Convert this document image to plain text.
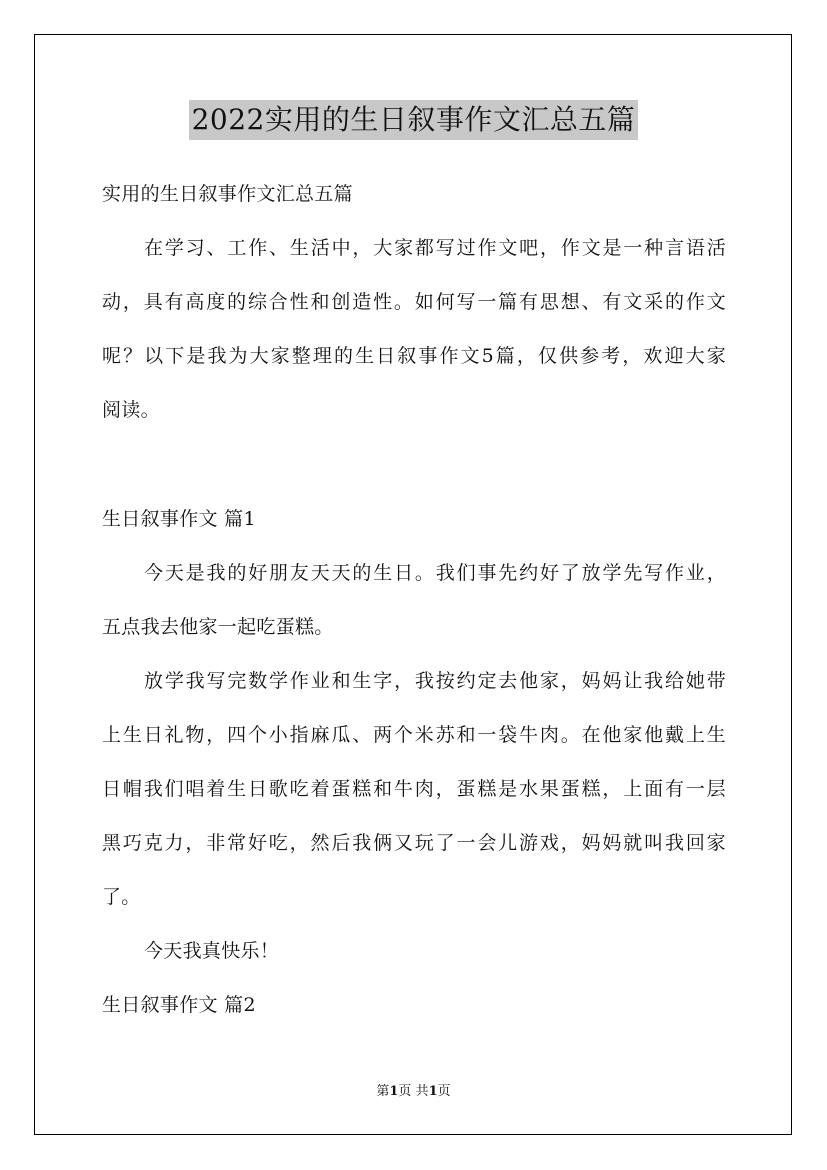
2022实用的生日叙事作文汇总五篇
实用的生日叙事作文汇总五篇
在学习、工作、生活中，大家都写过作文吧，作文是一种言语活
动，具有高度的综合性和创造性。如何写一篇有思想、有文采的作文
呢？以下是我为大家整理的生日叙事作文5篇，仅供参考，欢迎大家
阅读。
生日叙事作文 篇1
今天是我的好朋友天天的生日。我们事先约好了放学先写作业，
五点我去他家一起吃蛋糕。
放学我写完数学作业和生字，我按约定去他家，妈妈让我给她带
上生日礼物，四个小指麻瓜、两个米苏和一袋牛肉。在他家他戴上生
日帽我们唱着生日歌吃着蛋糕和牛肉，蛋糕是水果蛋糕，上面有一层
黑巧克力，非常好吃，然后我俩又玩了一会儿游戏，妈妈就叫我回家
了。
今天我真快乐！
生日叙事作文 篇2
第1页 共1页
